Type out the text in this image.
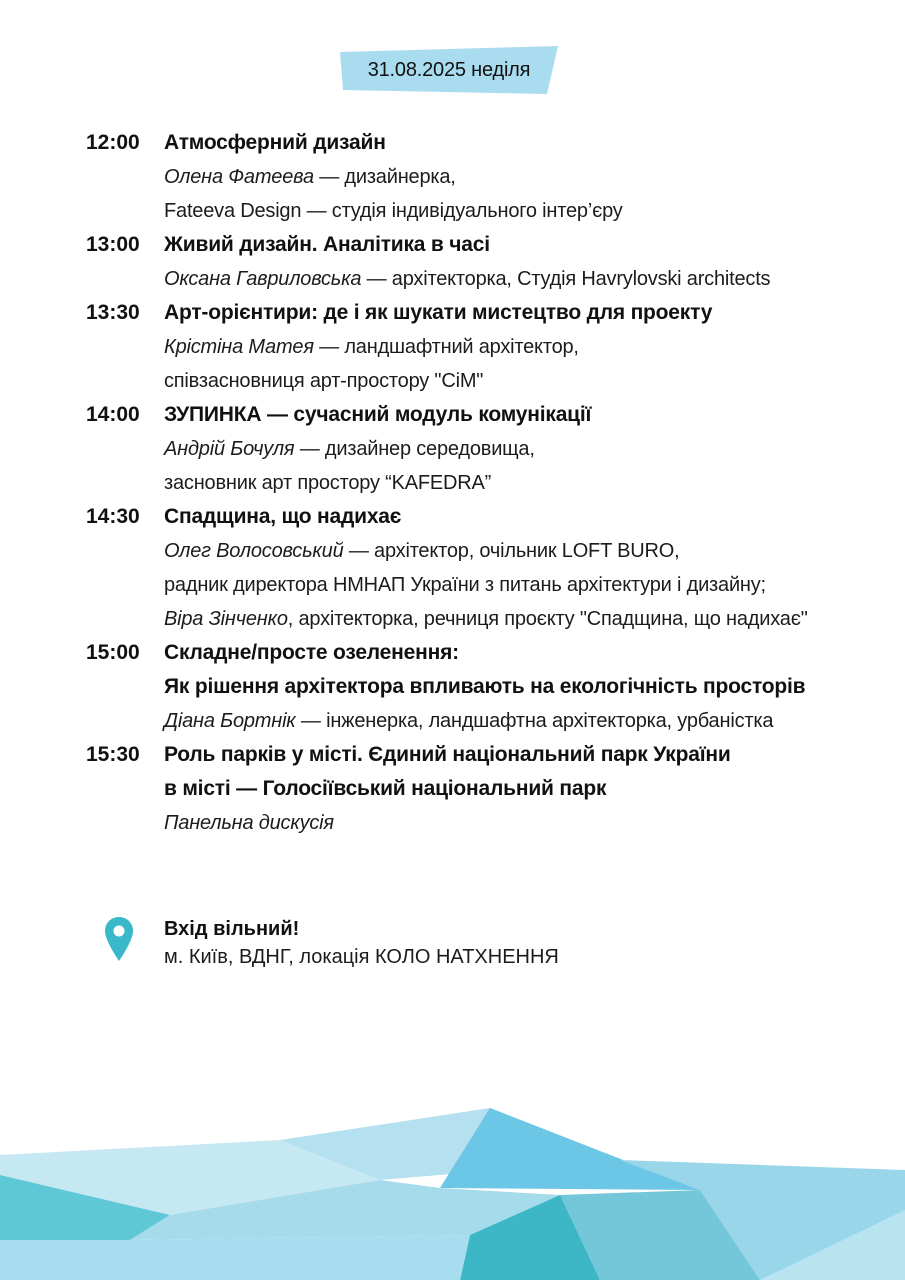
31.08.2025 неділя
12:00 Атмосферний дизайн
Олена Фатеева — дизайнерка,
Fateeva Design — студія індивідуального інтер’єру
13:00 Живий дизайн. Аналітика в часі
Оксана Гавриловська — архітекторка, Студія Havrylovski architects
13:30 Арт-орієнтири: де і як шукати мистецтво для проекту
Крістіна Матея — ландшафтний архітектор,
співзасновниця арт-простору "СіМ"
14:00 ЗУПИНКА — сучасний модуль комунікації
Андрій Бочуля — дизайнер середовища,
засновник арт простору “KAFEDRA”
14:30 Спадщина, що надихає
Олег Волосовський — архітектор, очільник LOFT BURO,
радник директора НМНАП України з питань архітектури і дизайну;
Віра Зінченко, архітекторка, речниця проєкту "Спадщина, що надихає"
15:00 Складне/просте озеленення:
Як рішення архітектора впливають на екологічність просторів
Діана Бортнік — інженерка, ландшафтна архітекторка, урбаністка
15:30 Роль парків у місті. Єдиний національний парк України
в місті — Голосіївський національний парк
Панельна дискусія
Вхід вільний!
м. Київ, ВДНГ, локація КОЛО НАТХНЕННЯ
